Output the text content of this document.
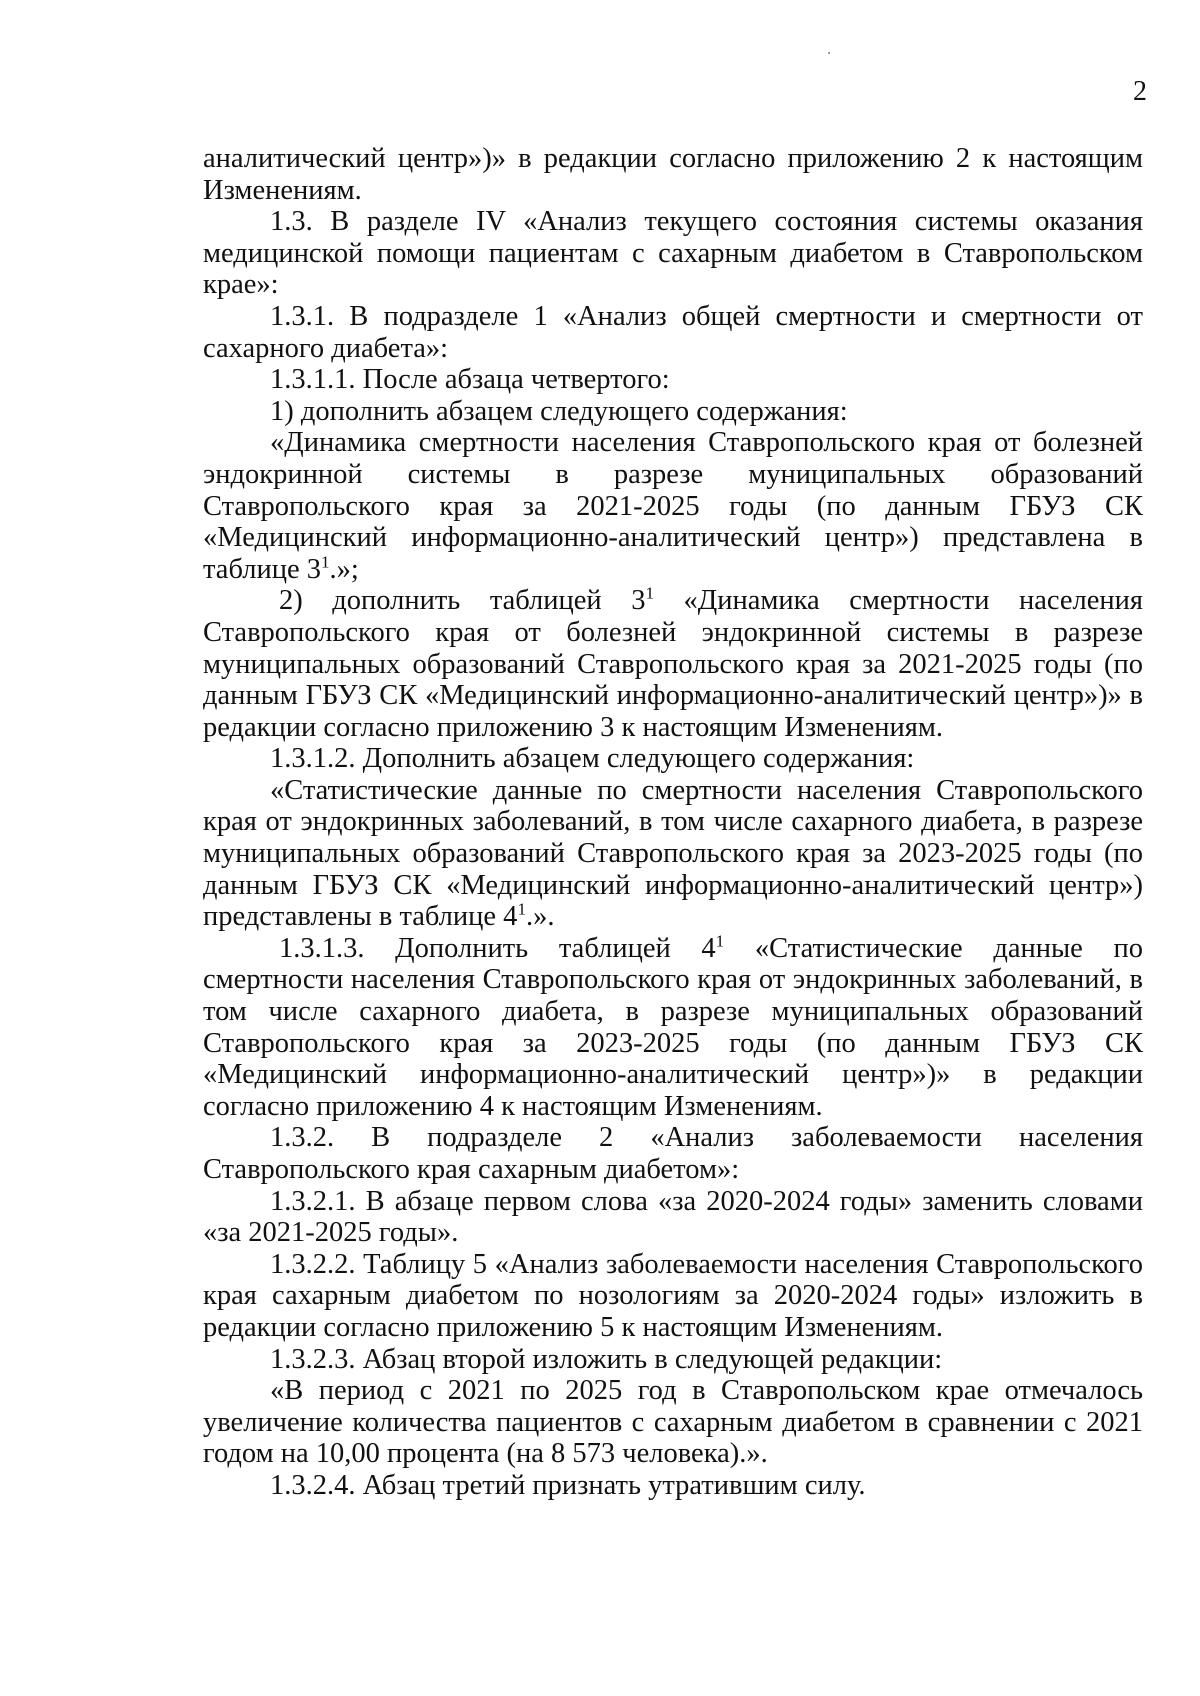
2

аналитический центр»)» в редакции согласно приложению 2 к настоящим Изменениям.

1.3. В разделе IV «Анализ текущего состояния системы оказания медицинской помощи пациентам с сахарным диабетом в Ставропольском крае»:

1.3.1. В подразделе 1 «Анализ общей смертности и смертности от сахарного диабета»:

1.3.1.1. После абзаца четвертого:

1) дополнить абзацем следующего содержания:

«Динамика смертности населения Ставропольского края от болезней эндокринной системы в разрезе муниципальных образований Ставропольского края за 2021-2025 годы (по данным ГБУЗ СК «Медицинский информационно-аналитический центр») представлена в таблице $3^1$.»;

2) дополнить таблицей $3^1$ «Динамика смертности населения Ставропольского края от болезней эндокринной системы в разрезе муниципальных образований Ставропольского края за 2021-2025 годы (по данным ГБУЗ СК «Медицинский информационно-аналитический центр»)» в редакции согласно приложению 3 к настоящим Изменениям.

1.3.1.2. Дополнить абзацем следующего содержания:

«Статистические данные по смертности населения Ставропольского края от эндокринных заболеваний, в том числе сахарного диабета, в разрезе муниципальных образований Ставропольского края за 2023-2025 годы (по данным ГБУЗ СК «Медицинский информационно-аналитический центр») представлены в таблице $4^1$.».

1.3.1.3. Дополнить таблицей $4^1$ «Статистические данные по смертности населения Ставропольского края от эндокринных заболеваний, в том числе сахарного диабета, в разрезе муниципальных образований Ставропольского края за 2023-2025 годы (по данным ГБУЗ СК «Медицинский информационно-аналитический центр»)» в редакции согласно приложению 4 к настоящим Изменениям.

1.3.2. В подразделе 2 «Анализ заболеваемости населения Ставропольского края сахарным диабетом»:

1.3.2.1. В абзаце первом слова «за 2020-2024 годы» заменить словами «за 2021-2025 годы».

1.3.2.2. Таблицу 5 «Анализ заболеваемости населения Ставропольского края сахарным диабетом по нозологиям за 2020-2024 годы» изложить в редакции согласно приложению 5 к настоящим Изменениям.

1.3.2.3. Абзац второй изложить в следующей редакции:

«В период с 2021 по 2025 год в Ставропольском крае отмечалось увеличение количества пациентов с сахарным диабетом в сравнении с 2021 годом на 10,00 процента (на 8 573 человека).».

1.3.2.4. Абзац третий признать утратившим силу.
